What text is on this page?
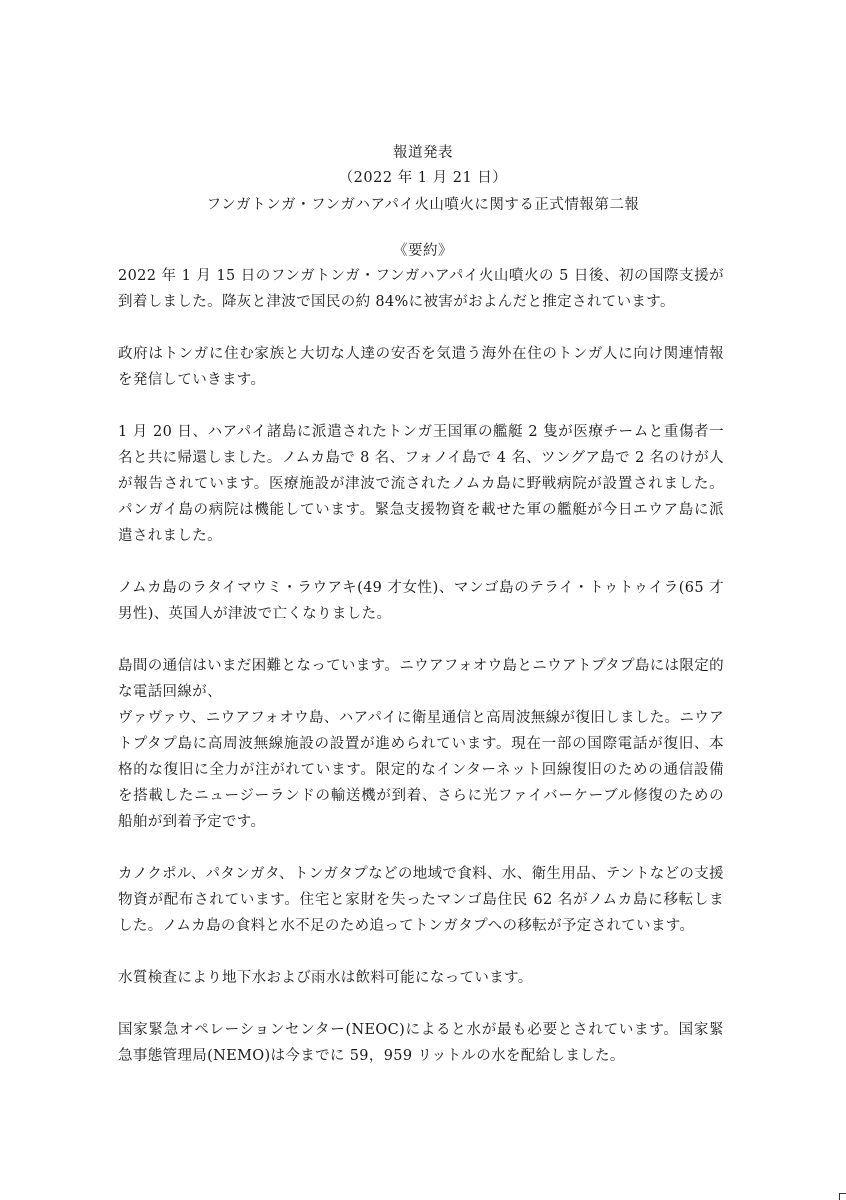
報道発表
（2022 年 1 月 21 日）
フンガトンガ・フンガハアパイ火山噴火に関する正式情報第二報
《要約》

2022 年 1 月 15 日のフンガトンガ・フンガハアパイ火山噴火の 5 日後、初の国際支援が到着しました。降灰と津波で国民の約 84%に被害がおよんだと推定されています。

政府はトンガに住む家族と大切な人達の安否を気遣う海外在住のトンガ人に向け関連情報を発信していきます。

1 月 20 日、ハアパイ諸島に派遣されたトンガ王国軍の艦艇 2 隻が医療チームと重傷者一名と共に帰還しました。ノムカ島で 8 名、フォノイ島で 4 名、ツングア島で 2 名のけが人が報告されています。医療施設が津波で流されたノムカ島に野戦病院が設置されました。パンガイ島の病院は機能しています。緊急支援物資を載せた軍の艦艇が今日エウア島に派遣されました。

ノムカ島のラタイマウミ・ラウアキ(49 才女性)、マンゴ島のテライ・トゥトゥイラ(65 才男性)、英国人が津波で亡くなりました。

島間の通信はいまだ困難となっています。ニウアフォオウ島とニウアトプタプ島には限定的な電話回線が、

ヴァヴァウ、ニウアフォオウ島、ハアパイに衛星通信と高周波無線が復旧しました。ニウアトプタプ島に高周波無線施設の設置が進められています。現在一部の国際電話が復旧、本格的な復旧に全力が注がれています。限定的なインターネット回線復旧のための通信設備を搭載したニュージーランドの輸送機が到着、さらに光ファイバーケーブル修復のための船舶が到着予定です。

カノクポル、パタンガタ、トンガタプなどの地域で食料、水、衛生用品、テントなどの支援物資が配布されています。住宅と家財を失ったマンゴ島住民 62 名がノムカ島に移転しました。ノムカ島の食料と水不足のため追ってトンガタプへの移転が予定されています。

水質検査により地下水および雨水は飲料可能になっています。

国家緊急オペレーションセンター(NEOC)によると水が最も必要とされています。国家緊急事態管理局(NEMO)は今までに 59，959 リットルの水を配給しました。
